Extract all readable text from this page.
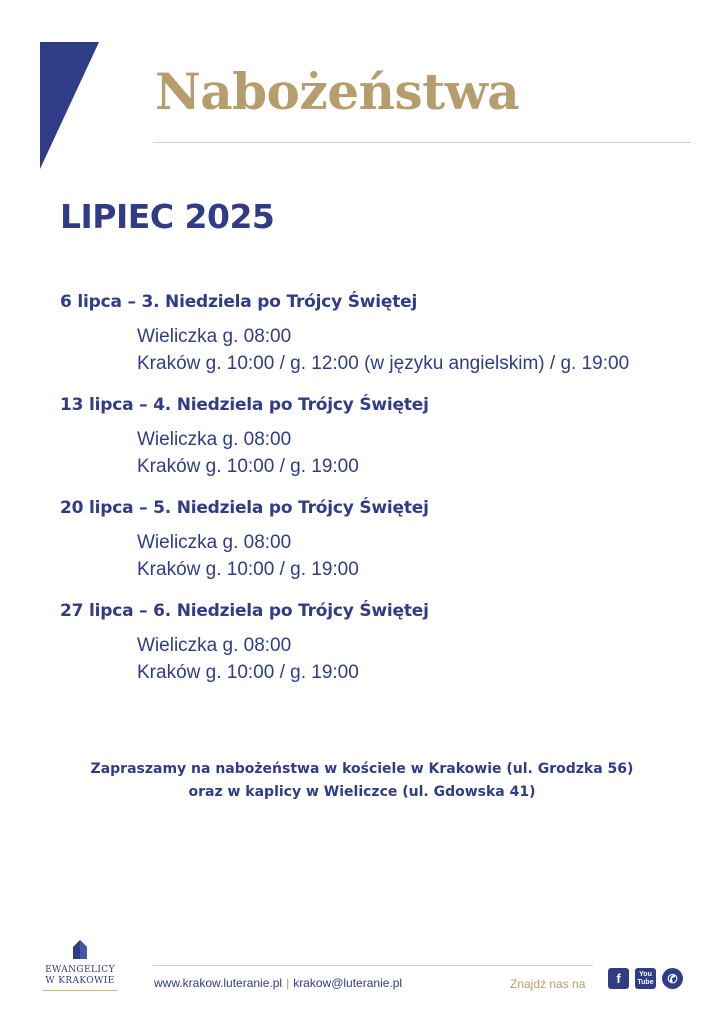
Nabożeństwa
LIPIEC 2025
6 lipca – 3. Niedziela po Trójcy Świętej
Wieliczka g. 08:00
Kraków g. 10:00 / g. 12:00 (w języku angielskim) / g. 19:00
13 lipca – 4. Niedziela po Trójcy Świętej
Wieliczka g. 08:00
Kraków g. 10:00 / g. 19:00
20 lipca – 5. Niedziela po Trójcy Świętej
Wieliczka g. 08:00
Kraków g. 10:00 / g. 19:00
27 lipca – 6. Niedziela po Trójcy Świętej
Wieliczka g. 08:00
Kraków g. 10:00 / g. 19:00
Zapraszamy na nabożeństwa w kościele w Krakowie (ul. Grodzka 56)
oraz w kaplicy w Wieliczce (ul. Gdowska 41)
EWANGELICY
W KRAKOWIE	www.krakow.luteranie.pl | krakow@luteranie.pl	Znajdź nas na	f	You Tube	✆
